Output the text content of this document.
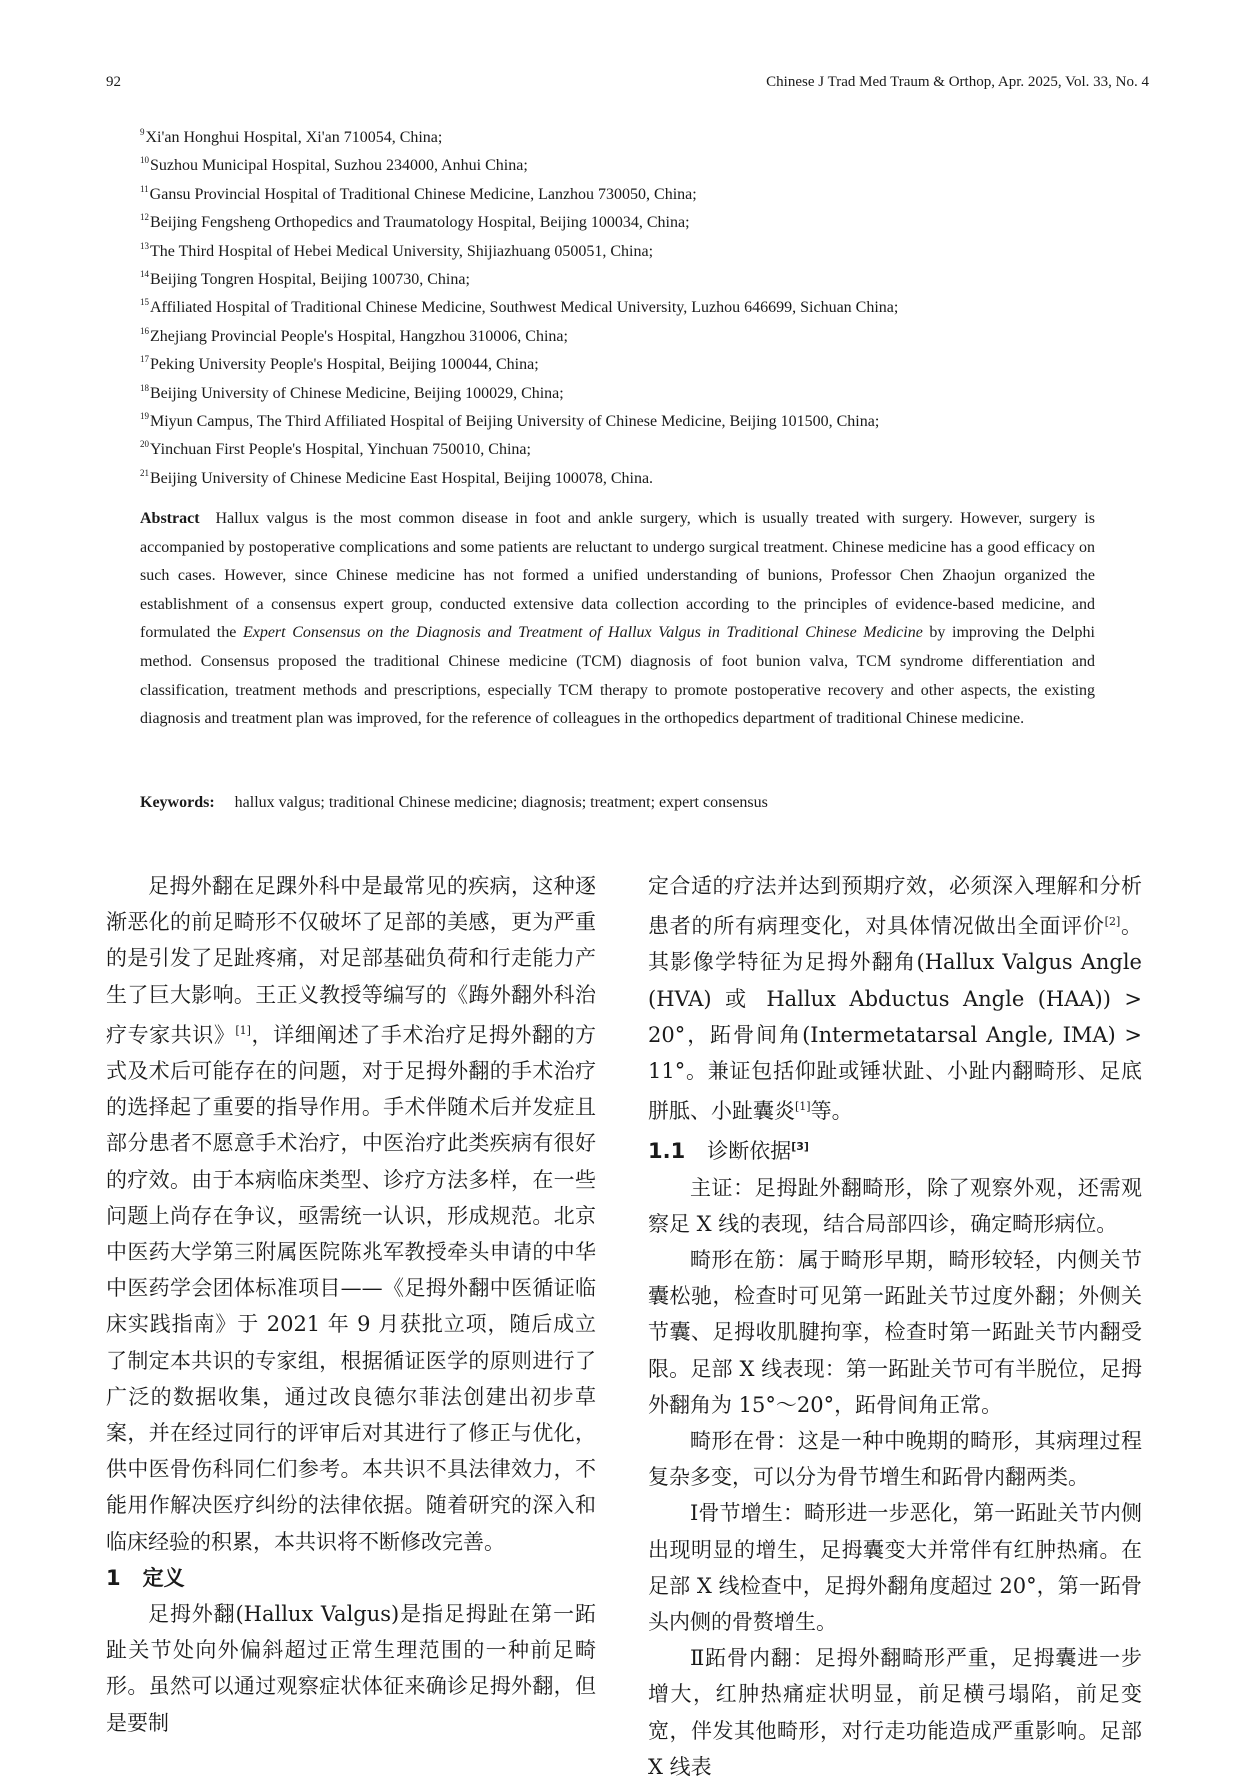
92	Chinese J Trad Med Traum & Orthop, Apr. 2025, Vol. 33, No. 4
$^9$Xi'an Honghui Hospital, Xi'an 710054, China;
$^{10}$Suzhou Municipal Hospital, Suzhou 234000, Anhui China;
$^{11}$Gansu Provincial Hospital of Traditional Chinese Medicine, Lanzhou 730050, China;
$^{12}$Beijing Fengsheng Orthopedics and Traumatology Hospital, Beijing 100034, China;
$^{13}$The Third Hospital of Hebei Medical University, Shijiazhuang 050051, China;
$^{14}$Beijing Tongren Hospital, Beijing 100730, China;
$^{15}$Affiliated Hospital of Traditional Chinese Medicine, Southwest Medical University, Luzhou 646699, Sichuan China;
$^{16}$Zhejiang Provincial People's Hospital, Hangzhou 310006, China;
$^{17}$Peking University People's Hospital, Beijing 100044, China;
$^{18}$Beijing University of Chinese Medicine, Beijing 100029, China;
$^{19}$Miyun Campus, The Third Affiliated Hospital of Beijing University of Chinese Medicine, Beijing 101500, China;
$^{20}$Yinchuan First People's Hospital, Yinchuan 750010, China;
$^{21}$Beijing University of Chinese Medicine East Hospital, Beijing 100078, China.
Abstract Hallux valgus is the most common disease in foot and ankle surgery, which is usually treated with surgery. However, surgery is accompanied by postoperative complications and some patients are reluctant to undergo surgical treatment. Chinese medicine has a good efficacy on such cases. However, since Chinese medicine has not formed a unified understanding of bunions, Professor Chen Zhaojun organized the establishment of a consensus expert group, conducted extensive data collection according to the principles of evidence-based medicine, and formulated the Expert Consensus on the Diagnosis and Treatment of Hallux Valgus in Traditional Chinese Medicine by improving the Delphi method. Consensus proposed the traditional Chinese medicine (TCM) diagnosis of foot bunion valva, TCM syndrome differentiation and classification, treatment methods and prescriptions, especially TCM therapy to promote postoperative recovery and other aspects, the existing diagnosis and treatment plan was improved, for the reference of colleagues in the orthopedics department of traditional Chinese medicine.
Keywords: hallux valgus; traditional Chinese medicine; diagnosis; treatment; expert consensus

足拇外翻在足踝外科中是最常见的疾病，这种逐渐恶化的前足畸形不仅破坏了足部的美感，更为严重的是引发了足趾疼痛，对足部基础负荷和行走能力产生了巨大影响。王正义教授等编写的《踇外翻外科治疗专家共识》[1]，详细阐述了手术治疗足拇外翻的方式及术后可能存在的问题，对于足拇外翻的手术治疗的选择起了重要的指导作用。手术伴随术后并发症且部分患者不愿意手术治疗，中医治疗此类疾病有很好的疗效。由于本病临床类型、诊疗方法多样，在一些问题上尚存在争议，亟需统一认识，形成规范。北京中医药大学第三附属医院陈兆军教授牵头申请的中华中医药学会团体标准项目——《足拇外翻中医循证临床实践指南》于 2021 年 9 月获批立项，随后成立了制定本共识的专家组，根据循证医学的原则进行了广泛的数据收集，通过改良德尔菲法创建出初步草案，并在经过同行的评审后对其进行了修正与优化，供中医骨伤科同仁们参考。本共识不具法律效力，不能用作解决医疗纠纷的法律依据。随着研究的深入和临床经验的积累，本共识将不断修改完善。

1 定义

足拇外翻(Hallux Valgus)是指足拇趾在第一跖趾关节处向外偏斜超过正常生理范围的一种前足畸形。虽然可以通过观察症状体征来确诊足拇外翻，但是要制

定合适的疗法并达到预期疗效，必须深入理解和分析患者的所有病理变化，对具体情况做出全面评价[2]。其影像学特征为足拇外翻角(Hallux Valgus Angle (HVA) 或 Hallux Abductus Angle (HAA)) > 20°，跖骨间角(Intermetatarsal Angle, IMA) > 11°。兼证包括仰趾或锤状趾、小趾内翻畸形、足底胼胝、小趾囊炎[1]等。

1.1 诊断依据[3]

主证：足拇趾外翻畸形，除了观察外观，还需观察足 X 线的表现，结合局部四诊，确定畸形病位。

畸形在筋：属于畸形早期，畸形较轻，内侧关节囊松驰，检查时可见第一跖趾关节过度外翻；外侧关节囊、足拇收肌腱拘挛，检查时第一跖趾关节内翻受限。足部 X 线表现：第一跖趾关节可有半脱位，足拇外翻角为 15°～20°，跖骨间角正常。

畸形在骨：这是一种中晚期的畸形，其病理过程复杂多变，可以分为骨节增生和跖骨内翻两类。

Ⅰ骨节增生：畸形进一步恶化，第一跖趾关节内侧出现明显的增生，足拇囊变大并常伴有红肿热痛。在足部 X 线检查中，足拇外翻角度超过 20°，第一跖骨头内侧的骨赘增生。

Ⅱ跖骨内翻：足拇外翻畸形严重，足拇囊进一步增大，红肿热痛症状明显，前足横弓塌陷，前足变宽，伴发其他畸形，对行走功能造成严重影响。足部 X 线表
